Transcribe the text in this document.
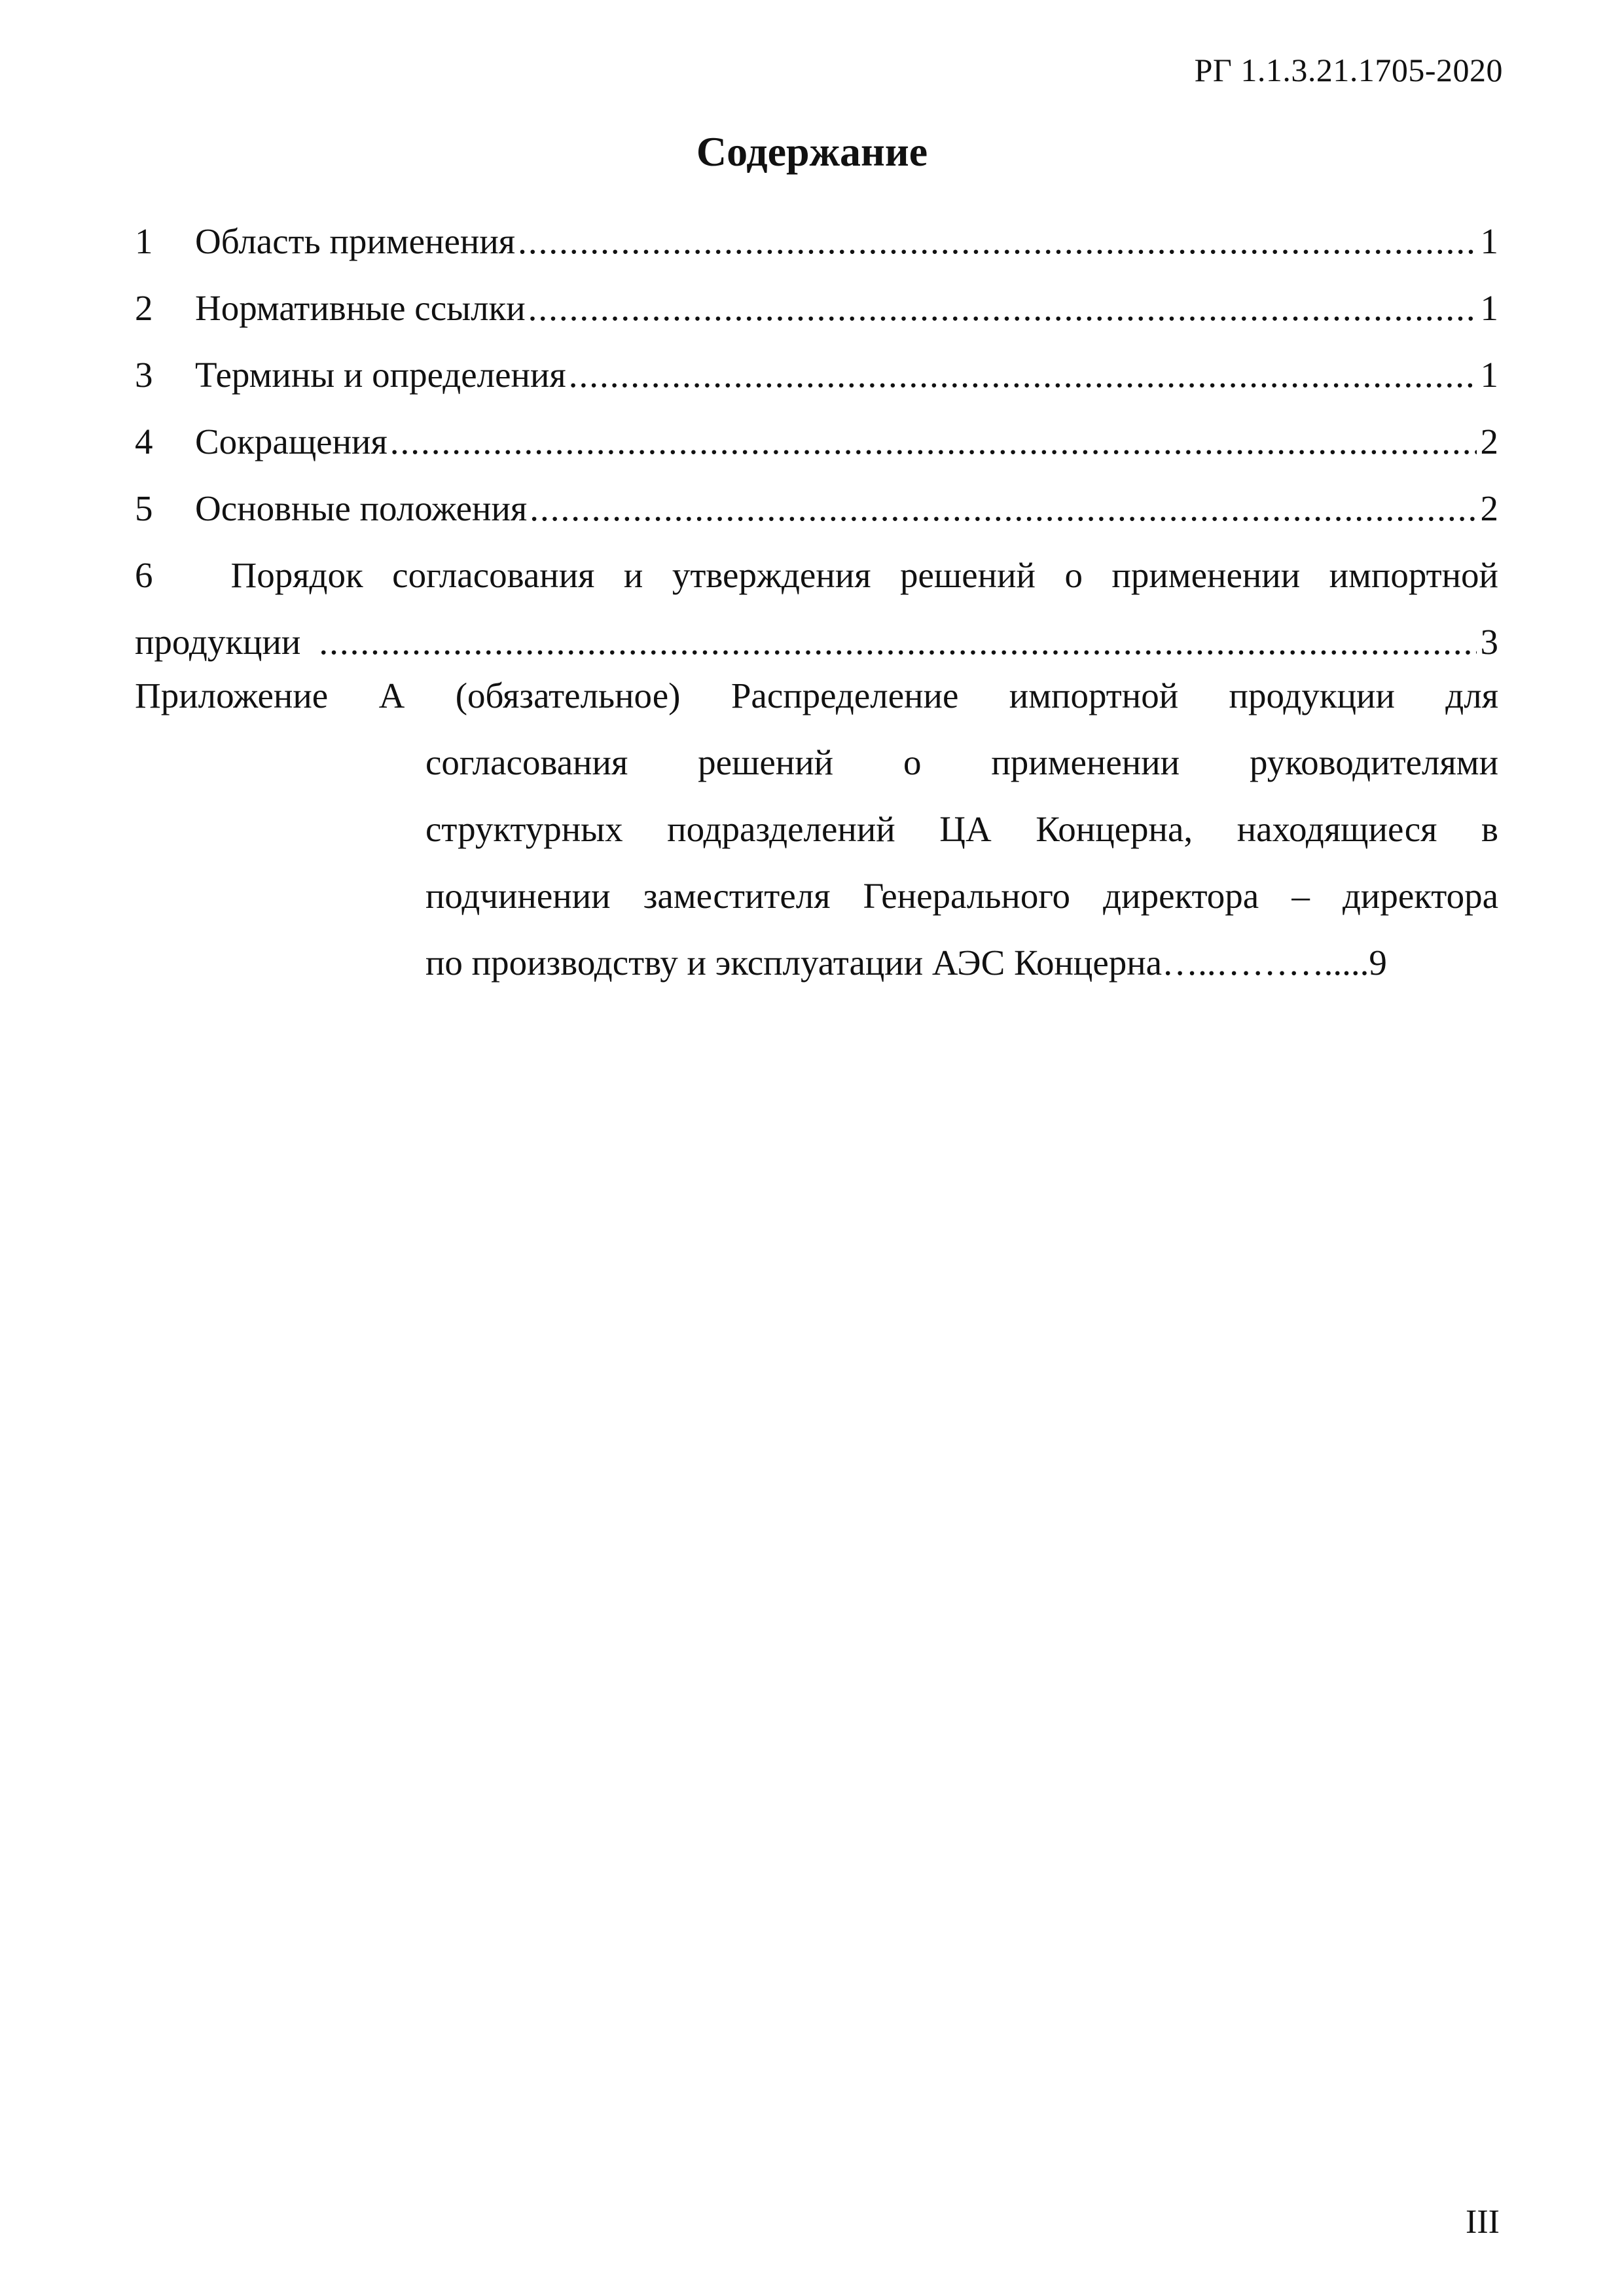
РГ 1.1.3.21.1705-2020
Содержание
1	Область применения .....	1
2	Нормативные ссылки .....	1
3	Термины и определения .....	1
4	Сокращения .....	2
5	Основные положения .....	2
6 Порядок согласования и утверждения решений о применении импортной
продукции .....	3
Приложение А (обязательное) Распределение импортной продукции для
согласования решений о применении руководителями
структурных подразделений ЦА Концерна, находящиеся в
подчинении заместителя Генерального директора – директора
по производству и эксплуатации АЭС Концерна …..………..... 9
III
